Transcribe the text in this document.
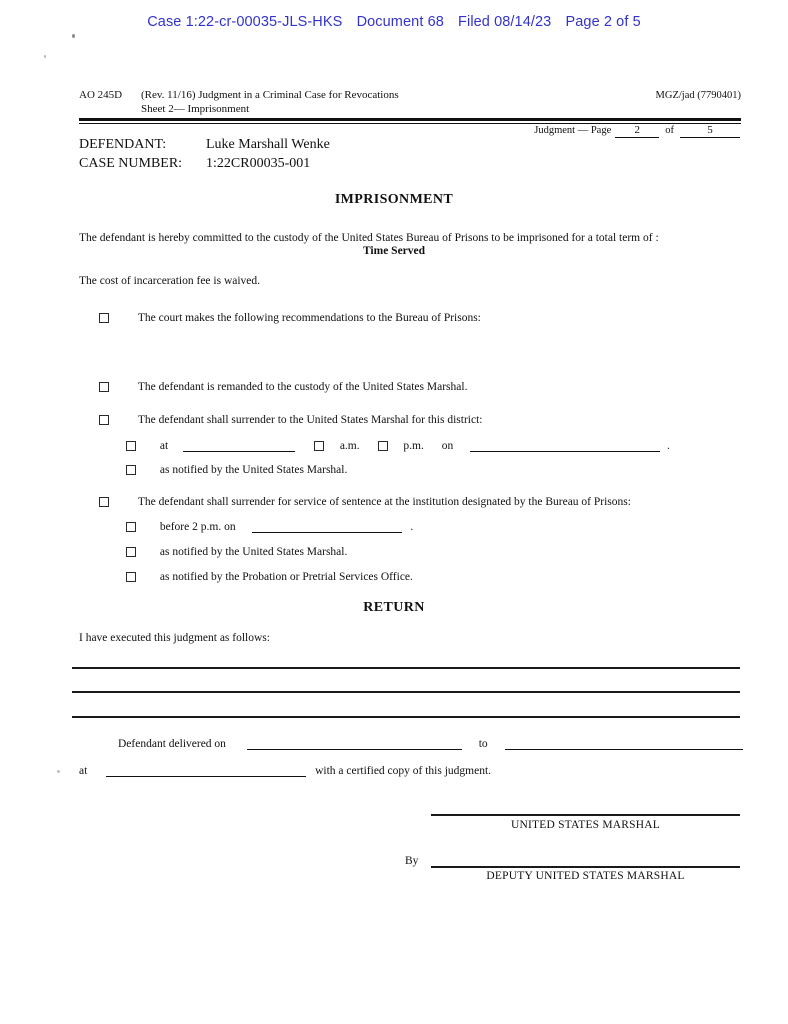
Case 1:22-cr-00035-JLS-HKS Document 68 Filed 08/14/23 Page 2 of 5
AO 245D (Rev. 11/16) Judgment in a Criminal Case for Revocations
Sheet 2— Imprisonment
MGZ/jad (7790401)
Judgment — Page 2 of	5
DEFENDANT:	Luke Marshall Wenke
CASE NUMBER: 1:22CR00035-001
IMPRISONMENT
The defendant is hereby committed to the custody of the United States Bureau of Prisons to be imprisoned for a total term of :
Time Served
The cost of incarceration fee is waived.
The court makes the following recommendations to the Bureau of Prisons:
The defendant is remanded to the custody of the United States Marshal.
The defendant shall surrender to the United States Marshal for this district:
at	a.m.	p.m. on	.
as notified by the United States Marshal.
The defendant shall surrender for service of sentence at the institution designated by the Bureau of Prisons:
before 2 p.m. on	.
as notified by the United States Marshal.
as notified by the Probation or Pretrial Services Office.
RETURN
I have executed this judgment as follows:
Defendant delivered on	to
at	with a certified copy of this judgment.
UNITED STATES MARSHAL
By
DEPUTY UNITED STATES MARSHAL
